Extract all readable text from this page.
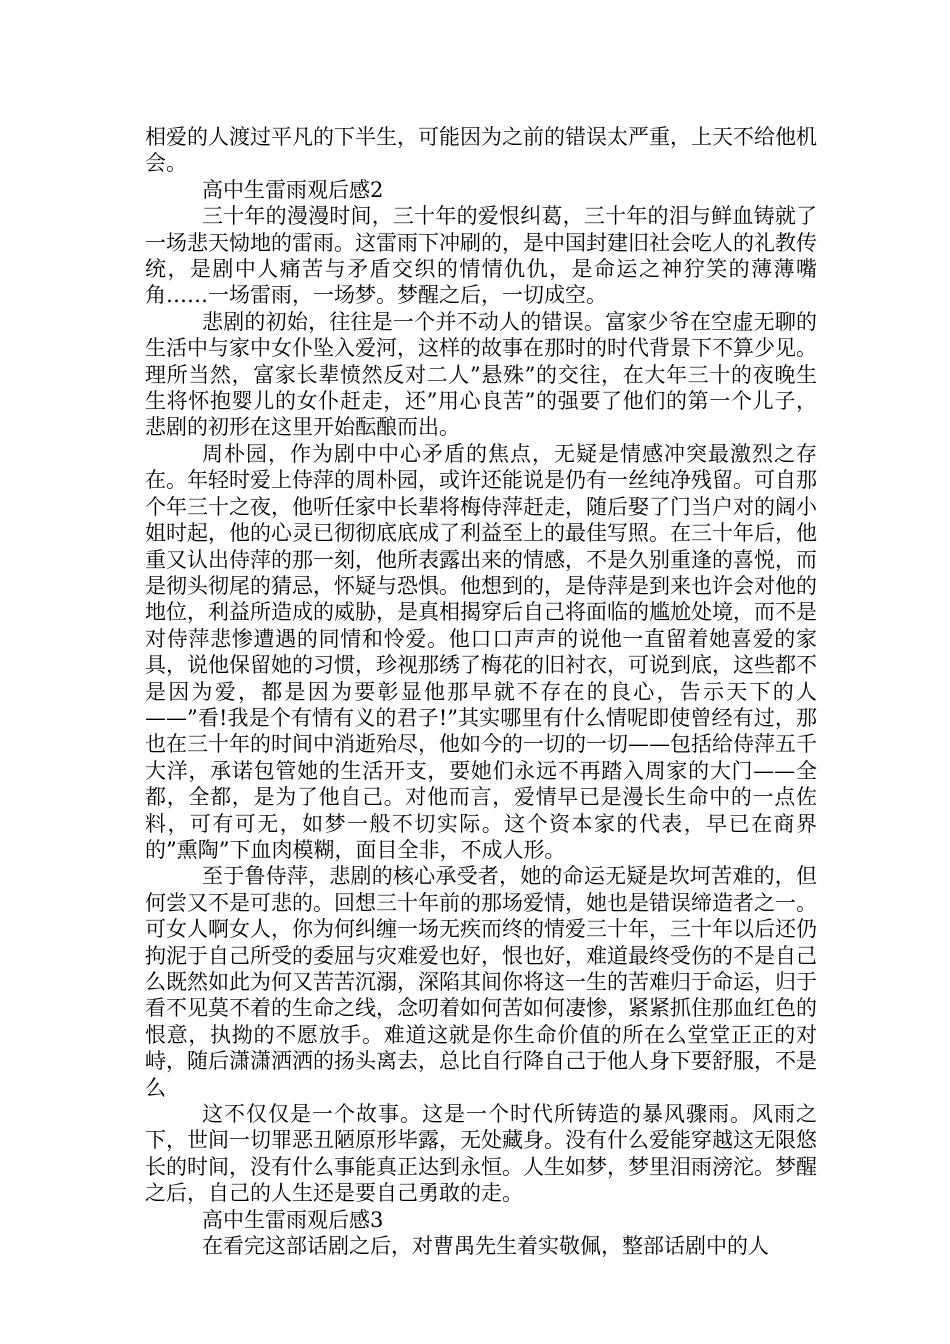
相爱的人渡过平凡的下半生，可能因为之前的错误太严重，上天不给他机会。

高中生雷雨观后感2

三十年的漫漫时间，三十年的爱恨纠葛，三十年的泪与鲜血铸就了一场悲天恸地的雷雨。这雷雨下冲刷的，是中国封建旧社会吃人的礼教传统，是剧中人痛苦与矛盾交织的情情仇仇，是命运之神狞笑的薄薄嘴角……一场雷雨，一场梦。梦醒之后，一切成空。

悲剧的初始，往往是一个并不动人的错误。富家少爷在空虚无聊的生活中与家中女仆坠入爱河，这样的故事在那时的时代背景下不算少见。理所当然，富家长辈愤然反对二人”悬殊”的交往，在大年三十的夜晚生生将怀抱婴儿的女仆赶走，还”用心良苦”的强要了他们的第一个儿子，悲剧的初形在这里开始酝酿而出。

周朴园，作为剧中中心矛盾的焦点，无疑是情感冲突最激烈之存在。年轻时爱上侍萍的周朴园，或许还能说是仍有一丝纯净残留。可自那个年三十之夜，他听任家中长辈将梅侍萍赶走，随后娶了门当户对的阔小姐时起，他的心灵已彻彻底底成了利益至上的最佳写照。在三十年后，他重又认出侍萍的那一刻，他所表露出来的情感，不是久别重逢的喜悦，而是彻头彻尾的猜忌，怀疑与恐惧。他想到的，是侍萍是到来也许会对他的地位，利益所造成的威胁，是真相揭穿后自己将面临的尴尬处境，而不是对侍萍悲惨遭遇的同情和怜爱。他口口声声的说他一直留着她喜爱的家具，说他保留她的习惯，珍视那绣了梅花的旧衬衣，可说到底，这些都不是因为爱，都是因为要彰显他那早就不存在的良心，告示天下的人——”看!我是个有情有义的君子!”其实哪里有什么情呢即使曾经有过，那也在三十年的时间中消逝殆尽，他如今的一切的一切——包括给侍萍五千大洋，承诺包管她的生活开支，要她们永远不再踏入周家的大门——全都，全都，是为了他自己。对他而言，爱情早已是漫长生命中的一点佐料，可有可无，如梦一般不切实际。这个资本家的代表，早已在商界的”熏陶”下血肉模糊，面目全非，不成人形。

至于鲁侍萍，悲剧的核心承受者，她的命运无疑是坎坷苦难的，但何尝又不是可悲的。回想三十年前的那场爱情，她也是错误缔造者之一。可女人啊女人，你为何纠缠一场无疾而终的情爱三十年，三十年以后还仍拘泥于自己所受的委屈与灾难爱也好，恨也好，难道最终受伤的不是自己么既然如此为何又苦苦沉溺，深陷其间你将这一生的苦难归于命运，归于看不见莫不着的生命之线，念叨着如何苦如何凄惨，紧紧抓住那血红色的恨意，执拗的不愿放手。难道这就是你生命价值的所在么堂堂正正的对峙，随后潇潇洒洒的扬头离去，总比自行降自己于他人身下要舒服，不是么

这不仅仅是一个故事。这是一个时代所铸造的暴风骤雨。风雨之下，世间一切罪恶丑陋原形毕露，无处藏身。没有什么爱能穿越这无限悠长的时间，没有什么事能真正达到永恒。人生如梦，梦里泪雨滂沱。梦醒之后，自己的人生还是要自己勇敢的走。

高中生雷雨观后感3

在看完这部话剧之后，对曹禺先生着实敬佩，整部话剧中的人
